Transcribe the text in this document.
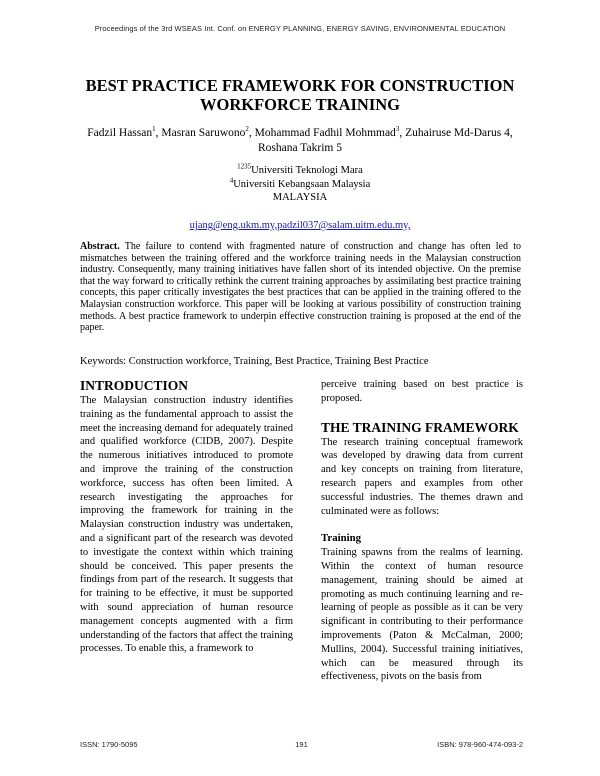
Proceedings of the 3rd WSEAS Int. Conf. on ENERGY PLANNING, ENERGY SAVING, ENVIRONMENTAL EDUCATION
BEST PRACTICE FRAMEWORK FOR CONSTRUCTION
WORKFORCE TRAINING
Fadzil Hassan$^1$, Masran Saruwono$^2$, Mohammad Fadhil Mohmmad$^3$, Zuhairuse Md-Darus 4,
Roshana Takrim 5
$^{1235}$Universiti Teknologi Mara
$^4$Universiti Kebangsaan Malaysia
MALAYSIA
ujang@eng.ukm.my,padzil037@salam.uitm.edu.my,
Abstract. The failure to contend with fragmented nature of construction and change has often led to mismatches between the training offered and the workforce training needs in the Malaysian construction industry. Consequently, many training initiatives have fallen short of its intended objective. On the premise that the way forward to critically rethink the current training approaches by assimilating best practice training concepts, this paper critically investigates the best practices that can be applied in the training offered to the Malaysian construction workforce. This paper will be looking at various possibility of construction training methods. A best practice framework to underpin effective construction training is proposed at the end of the paper.
Keywords: Construction workforce, Training, Best Practice, Training Best Practice
INTRODUCTION

The Malaysian construction industry identifies training as the fundamental approach to assist the meet the increasing demand for adequately trained and qualified workforce (CIDB, 2007). Despite the numerous initiatives introduced to promote and improve the training of the construction workforce, success has often been limited. A research investigating the approaches for improving the framework for training in the Malaysian construction industry was undertaken, and a significant part of the research was devoted to investigate the context within which training should be conceived. This paper presents the findings from part of the research. It suggests that for training to be effective, it must be supported with sound appreciation of human resource management concepts augmented with a firm understanding of the factors that affect the training processes. To enable this, a framework to

perceive training based on best practice is proposed.

THE TRAINING FRAMEWORK

The research training conceptual framework was developed by drawing data from current and key concepts on training from literature, research papers and examples from other successful industries. The themes drawn and culminated were as follows:

Training

Training spawns from the realms of learning. Within the context of human resource management, training should be aimed at promoting as much continuing learning and re-learning of people as possible as it can be very significant in contributing to their performance improvements (Paton & McCalman, 2000; Mullins, 2004). Successful training initiatives, which can be measured through its effectiveness, pivots on the basis from

ISSN: 1790-5095	191	ISBN: 978-960-474-093-2
